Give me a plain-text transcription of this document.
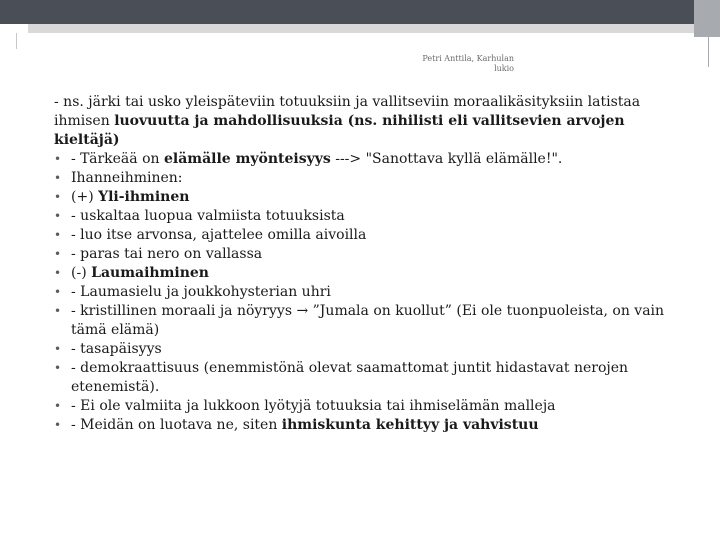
Petri Anttila, Karhulan
lukio

- ns. järki tai usko yleispäteviin totuuksiin ja vallitseviin moraalikäsityksiin latistaa ihmisen luovuutta ja mahdollisuuksia (ns. nihilisti eli vallitsevien arvojen kieltäjä)

• - Tärkeää on elämälle myönteisyys ---> "Sanottava kyllä elämälle!".
• Ihanneihminen:
• (+) Yli-ihminen
• - uskaltaa luopua valmiista totuuksista
• - luo itse arvonsa, ajattelee omilla aivoilla
• - paras tai nero on vallassa
• (-) Laumaihminen
• - Laumasielu ja joukkohysterian uhri
• - kristillinen moraali ja nöyryys → ”Jumala on kuollut” (Ei ole tuonpuoleista, on vain tämä elämä)
• - tasapäisyys
• - demokraattisuus (enemmistönä olevat saamattomat juntit hidastavat nerojen etenemistä).
• - Ei ole valmiita ja lukkoon lyötyjä totuuksia tai ihmiselämän malleja
• - Meidän on luotava ne, siten ihmiskunta kehittyy ja vahvistuu
